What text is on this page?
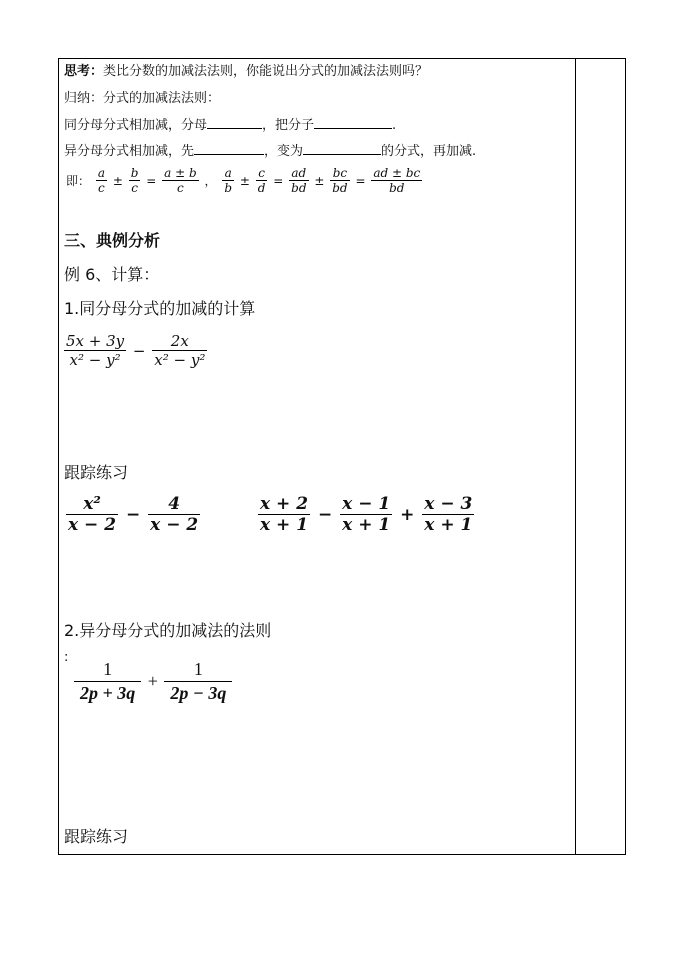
思考：类比分数的加减法法则，你能说出分式的加减法法则吗？
归纳：分式的加减法法则：
同分母分式相加减，分母	，把分子	.
异分母分式相加减，先	，变为	的分式，再加减.
即： $\frac{a}{c} \pm \frac{b}{c} = \frac{a \pm b}{c}$ ， $\frac{a}{b} \pm \frac{c}{d} = \frac{ad}{bd} \pm \frac{bc}{bd} = \frac{ad \pm bc}{bd}$
三、典例分析
例 6、计算：
1.同分母分式的加减的计算
$\frac{5x + 3y}{\text{x² − y²}} - \frac{2x}{\text{x² − y²}}$
跟踪练习
$\frac{\text{x²}}{x - 2} - \frac{4}{x - 2}$	$\frac{x + 2}{x + 1} - \frac{x - 1}{x + 1} + \frac{x - 3}{x + 1}$
2.异分母分式的加减法的法则
:
$\frac{1}{2p + 3q} + \frac{1}{2p - 3q}$
跟踪练习
